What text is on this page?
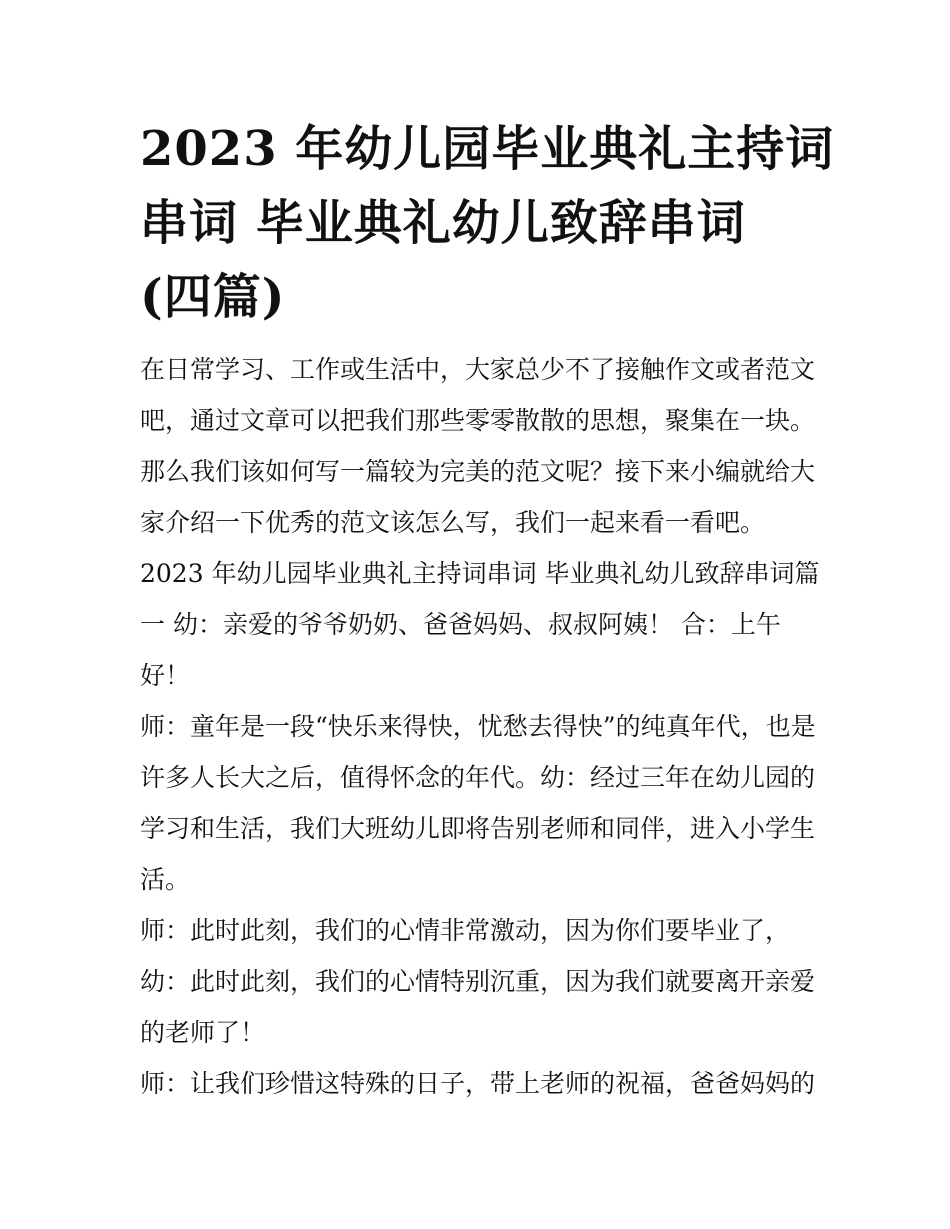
2023 年幼儿园毕业典礼主持词
串词 毕业典礼幼儿致辞串词
(四篇)

在日常学习、工作或生活中，大家总少不了接触作文或者范文
吧，通过文章可以把我们那些零零散散的思想，聚集在一块。
那么我们该如何写一篇较为完美的范文呢？接下来小编就给大
家介绍一下优秀的范文该怎么写，我们一起来看一看吧。

2023 年幼儿园毕业典礼主持词串词 毕业典礼幼儿致辞串词篇
一 幼：亲爱的爷爷奶奶、爸爸妈妈、叔叔阿姨！ 合：上午
好！

师：童年是一段“快乐来得快，忧愁去得快”的纯真年代，也是
许多人长大之后，值得怀念的年代。幼：经过三年在幼儿园的
学习和生活，我们大班幼儿即将告别老师和同伴，进入小学生
活。

师：此时此刻，我们的心情非常激动，因为你们要毕业了，

幼：此时此刻，我们的心情特别沉重，因为我们就要离开亲爱
的老师了！

师：让我们珍惜这特殊的日子，带上老师的祝福，爸爸妈妈的
